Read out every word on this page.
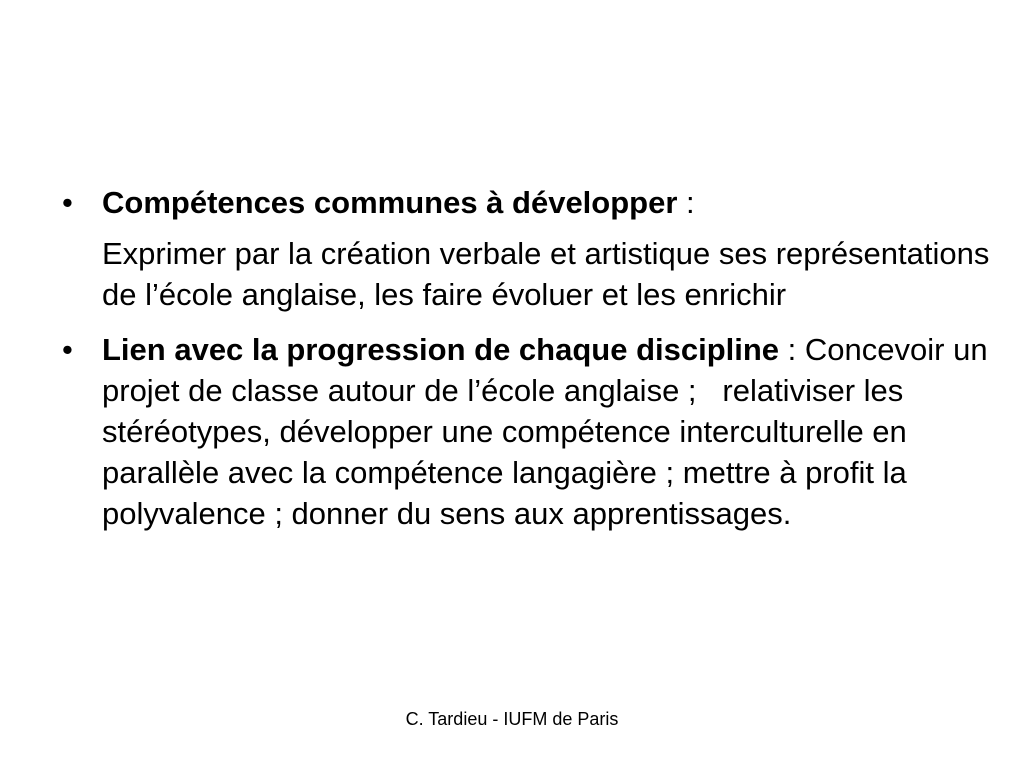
• Compétences communes à développer :
Exprimer par la création verbale et artistique ses représentations de l’école anglaise, les faire évoluer et les enrichir
• Lien avec la progression de chaque discipline : Concevoir un projet de classe autour de l’école anglaise ;   relativiser les stéréotypes, développer une compétence interculturelle en parallèle avec la compétence langagière ; mettre à profit la polyvalence ; donner du sens aux apprentissages.
C. Tardieu - IUFM de Paris
